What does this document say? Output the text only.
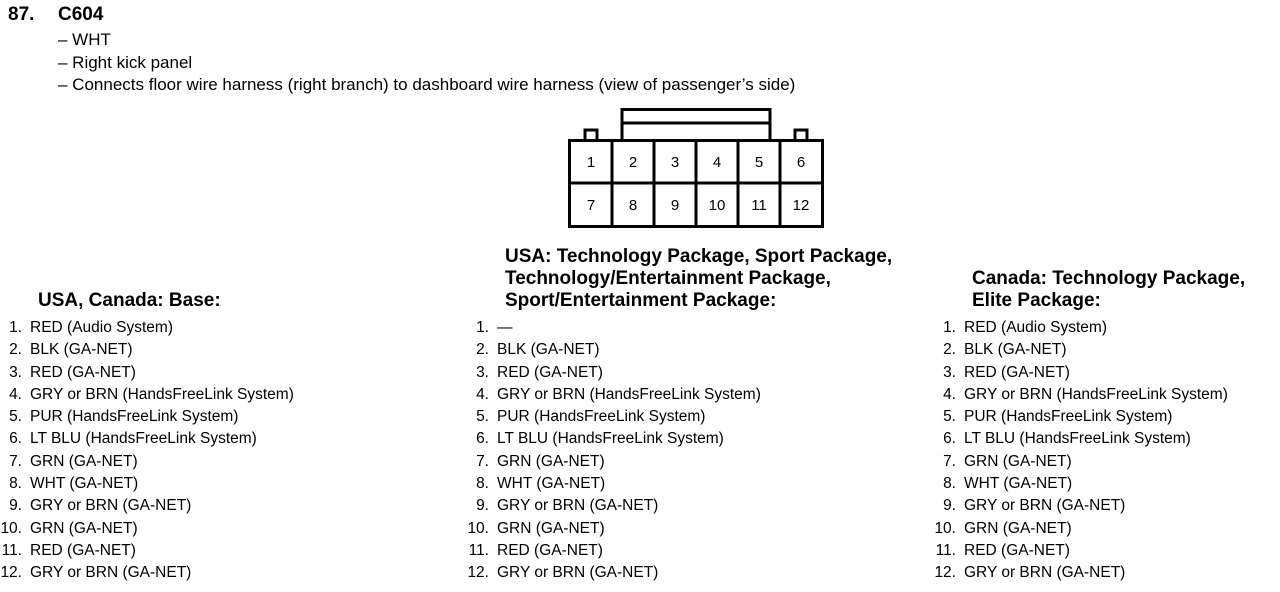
87. C604
– WHT
– Right kick panel
– Connects floor wire harness (right branch) to dashboard wire harness (view of passenger’s side)
1 2 3 4 5 6
7 8 9 10 11 12
USA, Canada: Base:
1. RED (Audio System)
2. BLK (GA-NET)
3. RED (GA-NET)
4. GRY or BRN (HandsFreeLink System)
5. PUR (HandsFreeLink System)
6. LT BLU (HandsFreeLink System)
7. GRN (GA-NET)
8. WHT (GA-NET)
9. GRY or BRN (GA-NET)
10. GRN (GA-NET)
11. RED (GA-NET)
12. GRY or BRN (GA-NET)
USA: Technology Package, Sport Package,
Technology/Entertainment Package,
Sport/Entertainment Package:
1. —
2. BLK (GA-NET)
3. RED (GA-NET)
4. GRY or BRN (HandsFreeLink System)
5. PUR (HandsFreeLink System)
6. LT BLU (HandsFreeLink System)
7. GRN (GA-NET)
8. WHT (GA-NET)
9. GRY or BRN (GA-NET)
10. GRN (GA-NET)
11. RED (GA-NET)
12. GRY or BRN (GA-NET)
Canada: Technology Package,
Elite Package:
1. RED (Audio System)
2. BLK (GA-NET)
3. RED (GA-NET)
4. GRY or BRN (HandsFreeLink System)
5. PUR (HandsFreeLink System)
6. LT BLU (HandsFreeLink System)
7. GRN (GA-NET)
8. WHT (GA-NET)
9. GRY or BRN (GA-NET)
10. GRN (GA-NET)
11. RED (GA-NET)
12. GRY or BRN (GA-NET)
